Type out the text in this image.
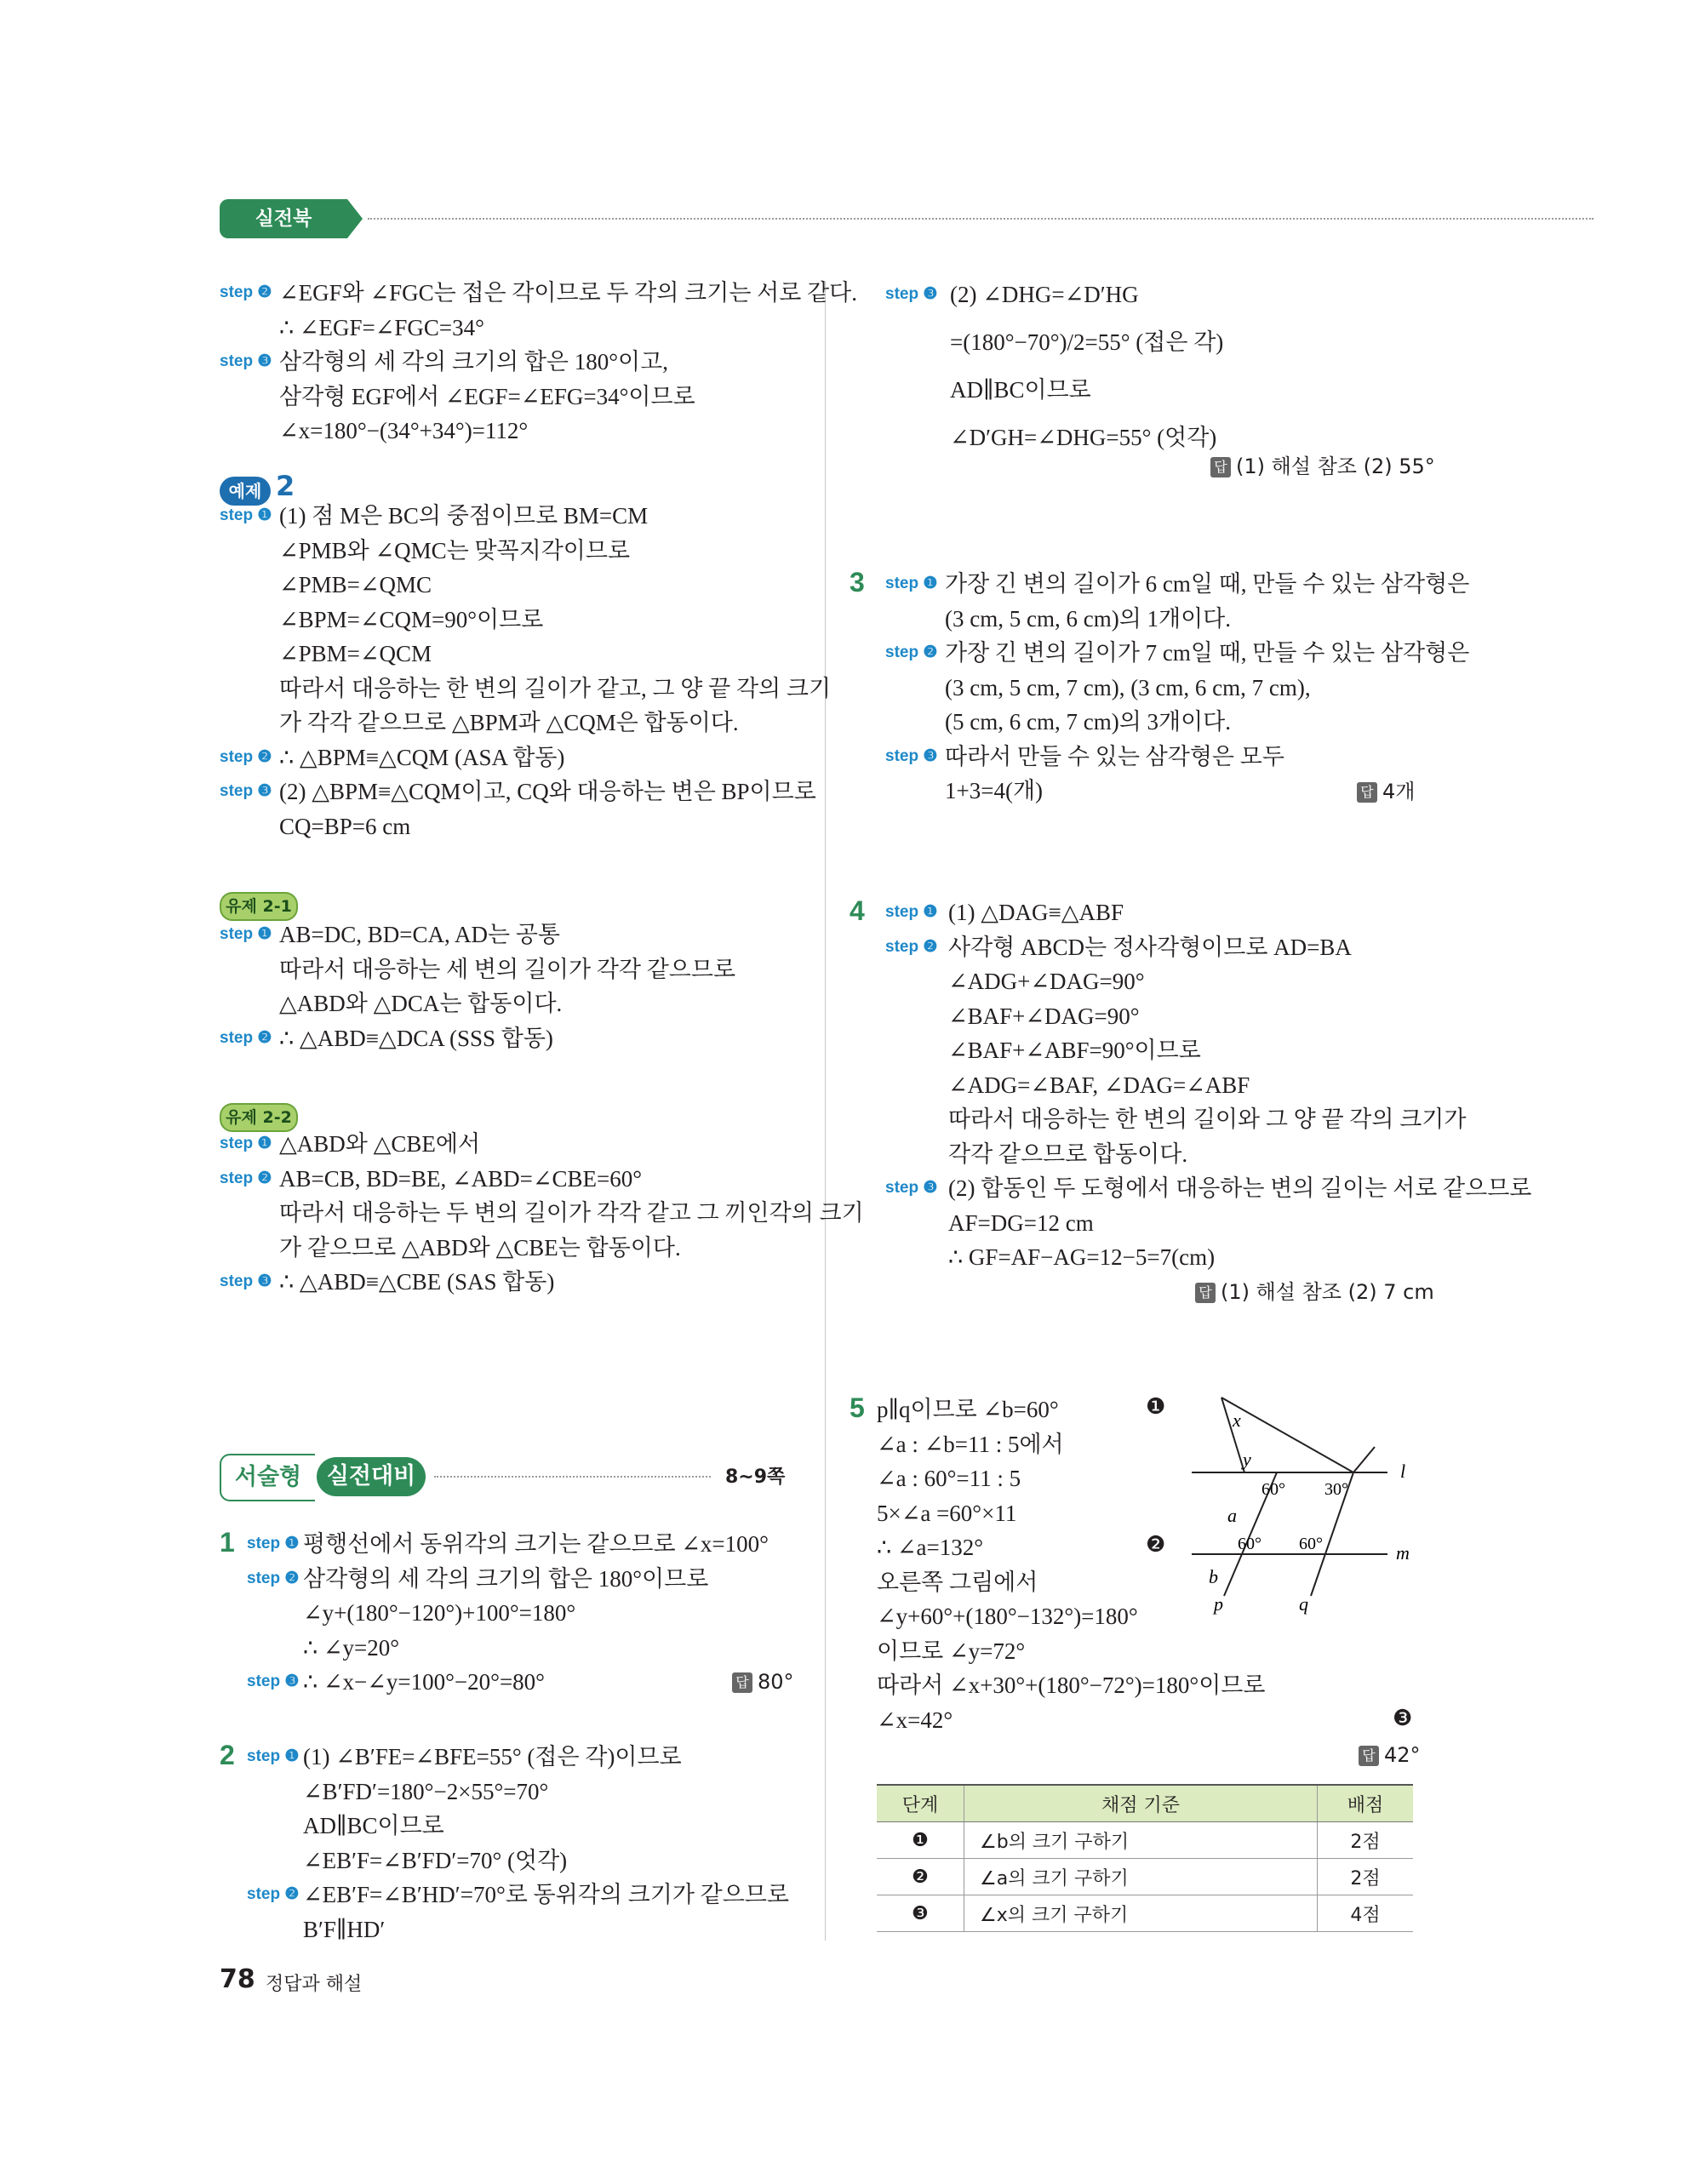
실전북
step ❷ ∠EGF와 ∠FGC는 접은 각이므로 두 각의 크기는 서로 같다.
∴ ∠EGF=∠FGC=34°
step ❸ 삼각형의 세 각의 크기의 합은 180°이고,
삼각형 EGF에서 ∠EGF=∠EFG=34°이므로
∠x=180°−(34°+34°)=112°
예제 2
step ❶ (1) 점 M은 BC의 중점이므로 BM=CM
∠PMB와 ∠QMC는 맞꼭지각이므로
∠PMB=∠QMC
∠BPM=∠CQM=90°이므로
∠PBM=∠QCM
따라서 대응하는 한 변의 길이가 같고, 그 양 끝 각의 크기
가 각각 같으므로 △BPM과 △CQM은 합동이다.
step ❷ ∴ △BPM≡△CQM (ASA 합동)
step ❸ (2) △BPM≡△CQM이고, CQ와 대응하는 변은 BP이므로
CQ=BP=6 cm
유제 2-1
step ❶ AB=DC, BD=CA, AD는 공통
따라서 대응하는 세 변의 길이가 각각 같으므로
△ABD와 △DCA는 합동이다.
step ❷ ∴ △ABD≡△DCA (SSS 합동)
유제 2-2
step ❶ △ABD와 △CBE에서
step ❷ AB=CB, BD=BE, ∠ABD=∠CBE=60°
따라서 대응하는 두 변의 길이가 각각 같고 그 끼인각의 크기
가 같으므로 △ABD와 △CBE는 합동이다.
step ❸ ∴ △ABD≡△CBE (SAS 합동)
서술형	실전대비	8~9쪽
1 step ❶ 평행선에서 동위각의 크기는 같으므로 ∠x=100°
step ❷ 삼각형의 세 각의 크기의 합은 180°이므로
∠y+(180°−120°)+100°=180°
∴ ∠y=20°
step ❸ ∴ ∠x−∠y=100°−20°=80°	답 80°
2 step ❶ (1) ∠B′FE=∠BFE=55° (접은 각)이므로
∠B′FD′=180°−2×55°=70°
AD∥BC이므로
∠EB′F=∠B′FD′=70° (엇각)
step ❷ ∠EB′F=∠B′HD′=70°로 동위각의 크기가 같으므로
B′F∥HD′
step ❸ (2) ∠DHG=∠D′HG
=(180°−70°)/2=55° (접은 각)
AD∥BC이므로
∠D′GH=∠DHG=55° (엇각)
답 (1) 해설 참조 (2) 55°
3 step ❶ 가장 긴 변의 길이가 6 cm일 때, 만들 수 있는 삼각형은
(3 cm, 5 cm, 6 cm)의 1개이다.
step ❷ 가장 긴 변의 길이가 7 cm일 때, 만들 수 있는 삼각형은
(3 cm, 5 cm, 7 cm), (3 cm, 6 cm, 7 cm),
(5 cm, 6 cm, 7 cm)의 3개이다.
step ❸ 따라서 만들 수 있는 삼각형은 모두
1+3=4(개)	답 4개
4 step ❶ (1) △DAG≡△ABF
step ❷ 사각형 ABCD는 정사각형이므로 AD=BA
∠ADG+∠DAG=90°
∠BAF+∠DAG=90°
∠BAF+∠ABF=90°이므로
∠ADG=∠BAF, ∠DAG=∠ABF
따라서 대응하는 한 변의 길이와 그 양 끝 각의 크기가
각각 같으므로 합동이다.
step ❸ (2) 합동인 두 도형에서 대응하는 변의 길이는 서로 같으므로
AF=DG=12 cm
∴ GF=AF−AG=12−5=7(cm)
답 (1) 해설 참조 (2) 7 cm
5 p∥q이므로 ∠b=60°
∠a : ∠b=11 : 5에서
∠a : 60°=11 : 5
5×∠a =60°×11
∴ ∠a=132°
오른쪽 그림에서
∠y+60°+(180°−132°)=180°
이므로 ∠y=72°
따라서 ∠x+30°+(180°−72°)=180°이므로
∠x=42°
❶
❷
❸
답 42°
x
y
a
b
l
m
p	q
60° 30°
60° 60°
단계	채점 기준	배점
❶	∠b의 크기 구하기	2점
❷	∠a의 크기 구하기	2점
❸	∠x의 크기 구하기	4점
78 정답과 해설
